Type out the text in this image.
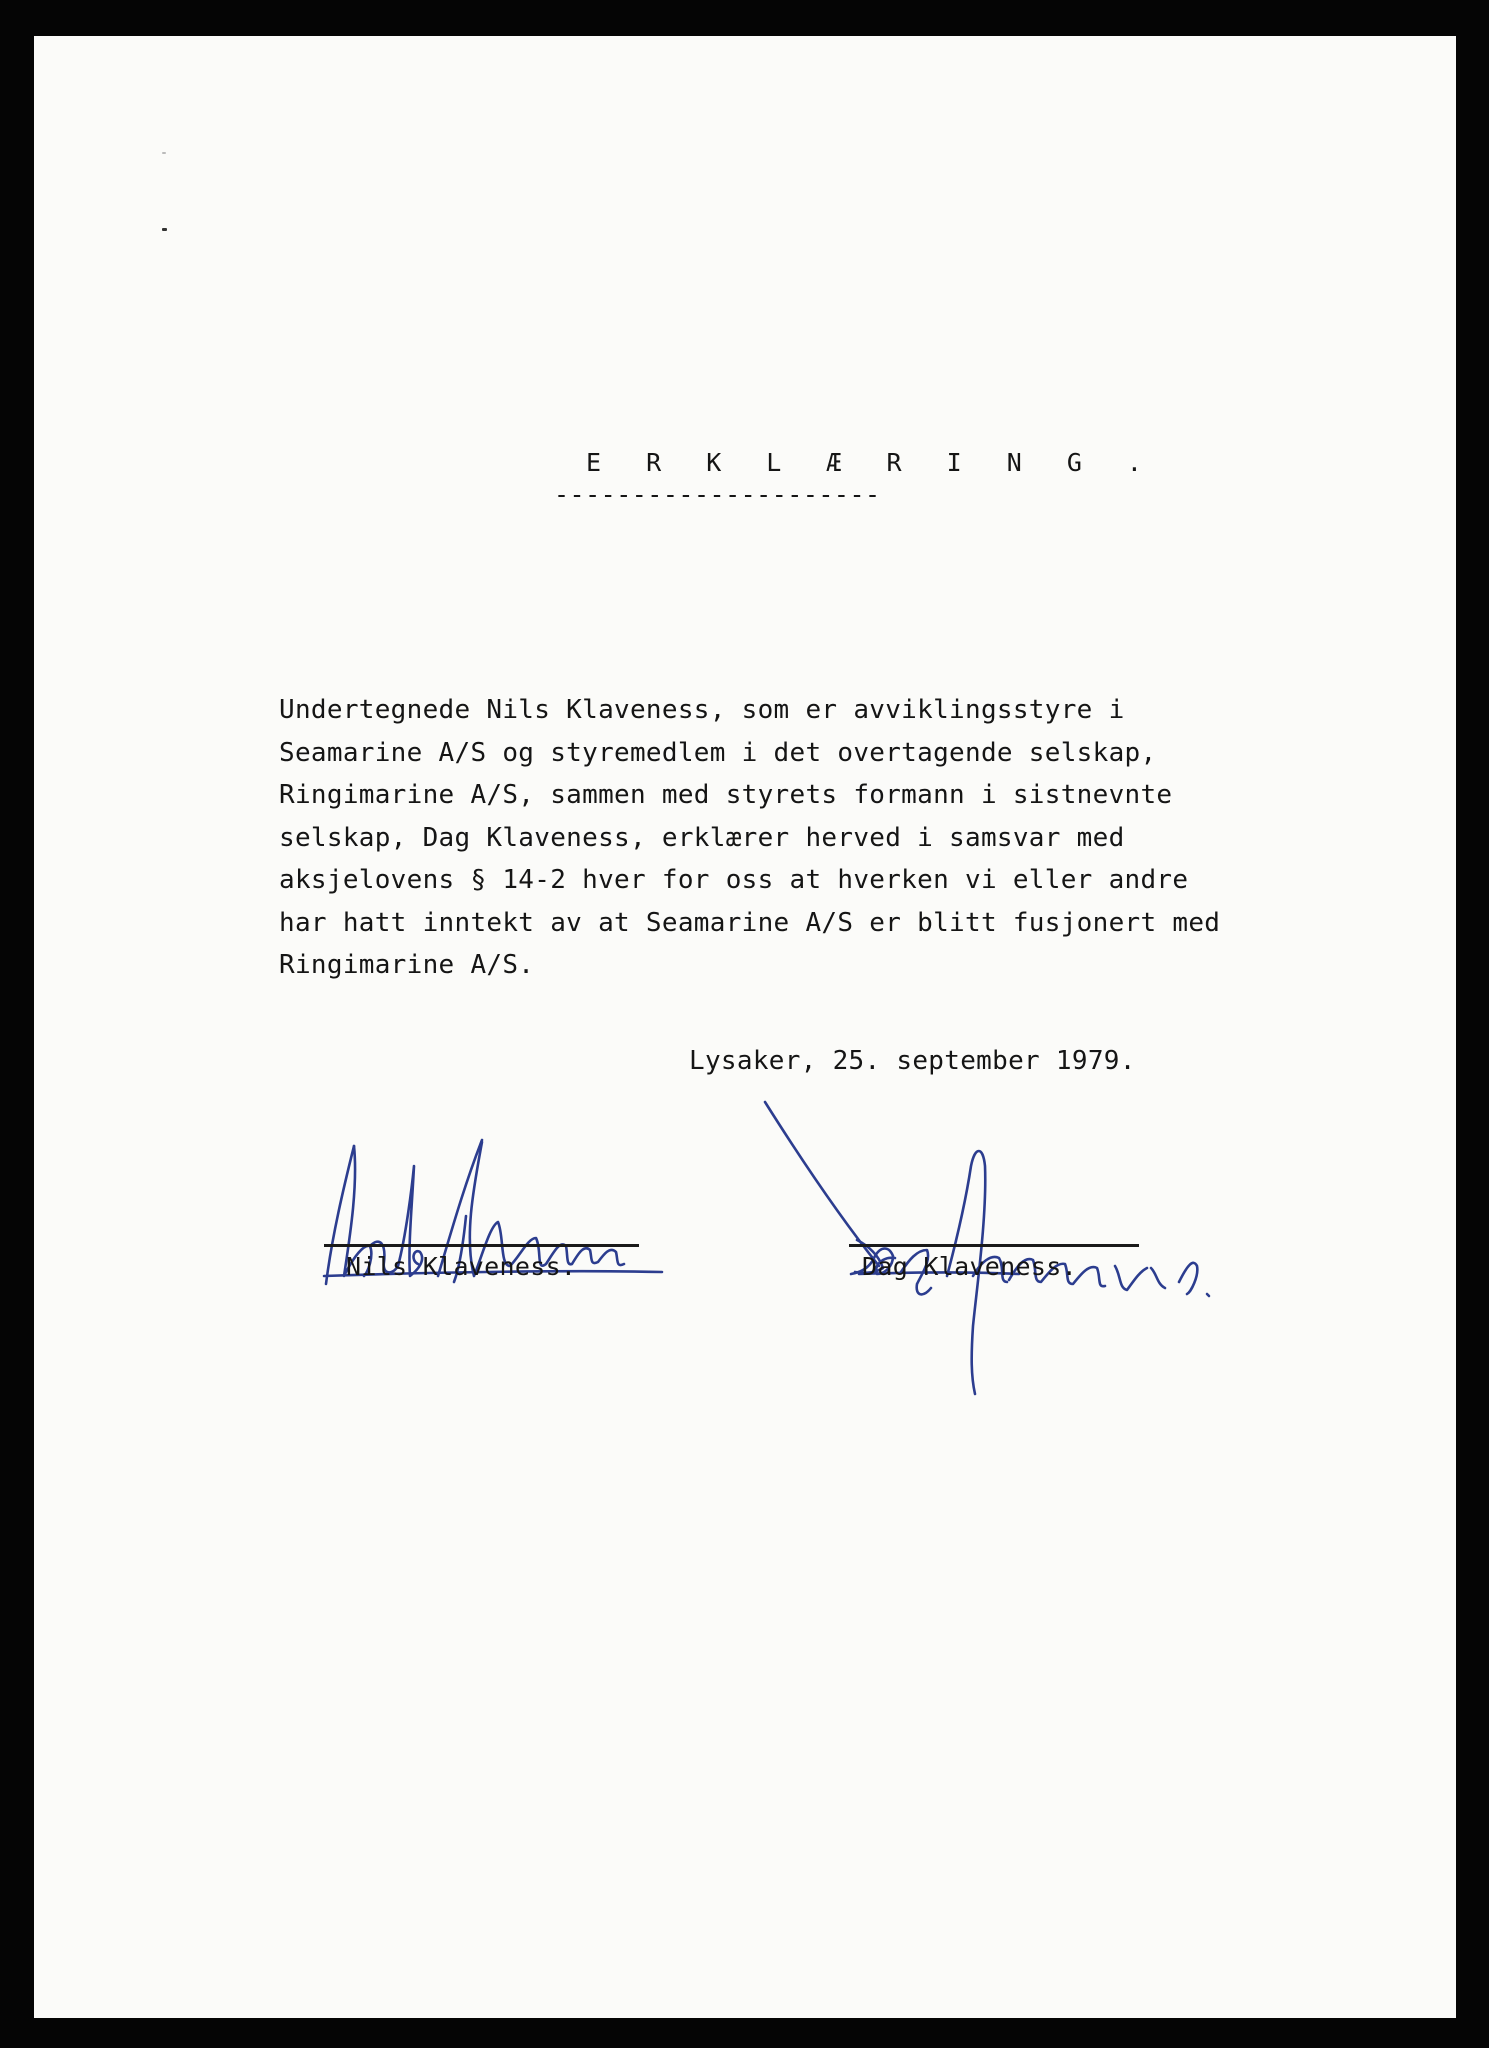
E R K L Æ R I N G .
---------------------
Undertegnede Nils Klaveness, som er avviklingsstyre i
Seamarine A/S og styremedlem i det overtagende selskap,
Ringimarine A/S, sammen med styrets formann i sistnevnte
selskap, Dag Klaveness, erklærer herved i samsvar med
aksjelovens § 14-2 hver for oss at hverken vi eller andre
har hatt inntekt av at Seamarine A/S er blitt fusjonert med
Ringimarine A/S.
Lysaker, 25. september 1979.
Nils Klaveness.	Dag Klaveness.
